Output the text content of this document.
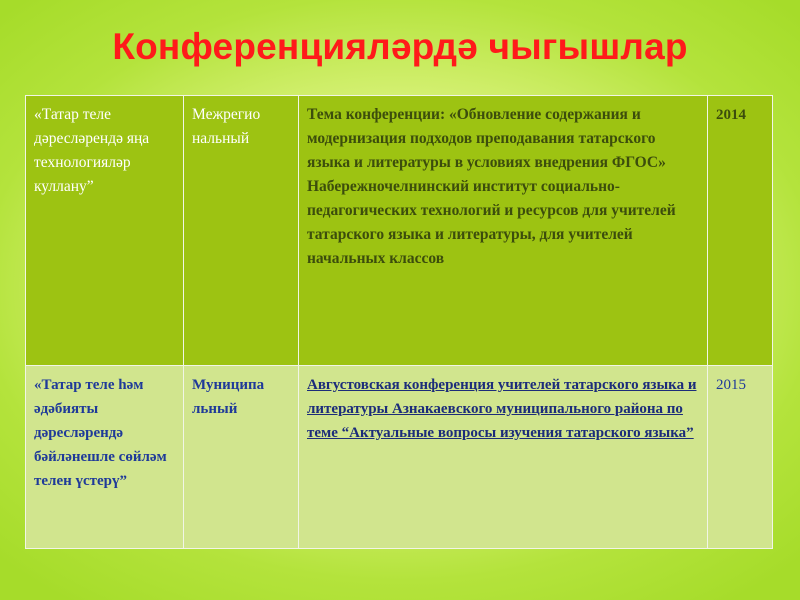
Конференциялəрдə чыгышлар
«Татар теле дəреслəрендə яңа технологиялəр куллану”	Межрегио нальный	Тема конференции: «Обновление содержания и модернизация подходов преподавания татарского языка и литературы в условиях внедрения ФГОС» Набережночелнинский институт социально-педагогических технологий и ресурсов для учителей татарского языка и литературы, для учителей начальных классов	2014
«Татар теле һəм əдəбияты дəреслəрендə бəйлəнешле сөйлəм телен үстерү”	Муниципа льный	Августовская конференция учителей татарского языка и литературы Азнакаевского муниципального района по теме “Актуальные вопросы изучения татарского языка”	2015
